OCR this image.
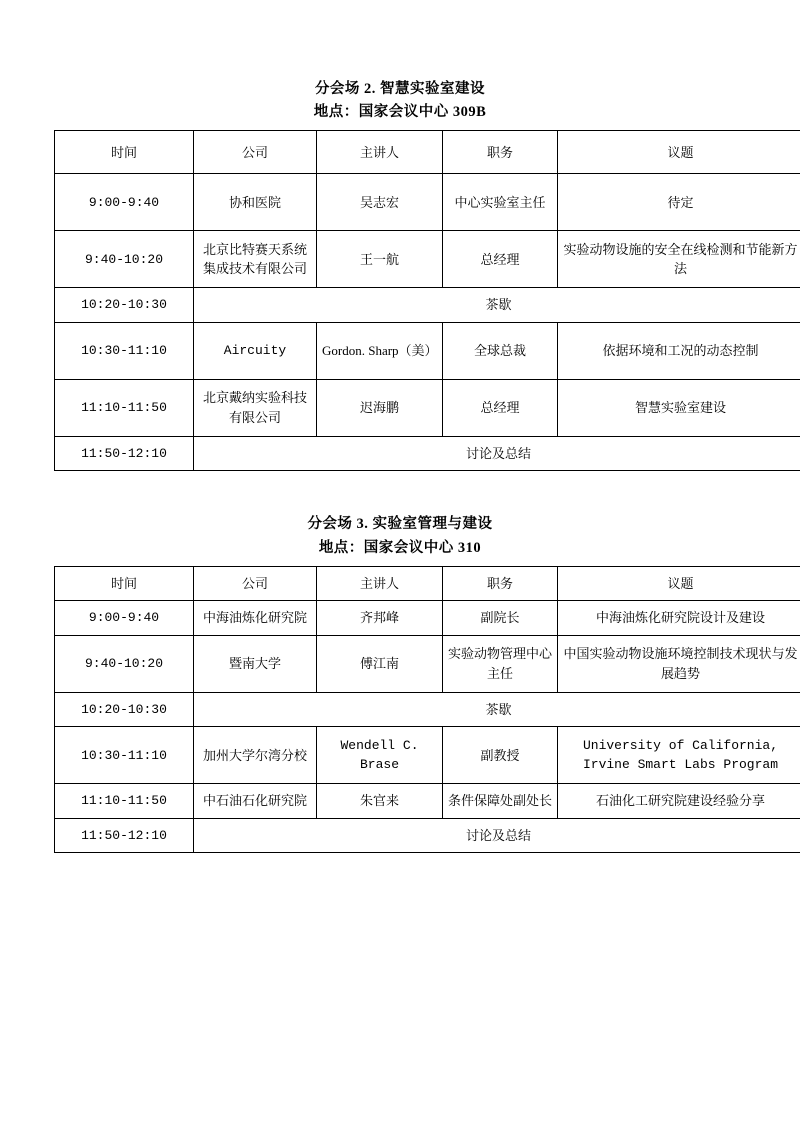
分会场 2. 智慧实验室建设
地点：国家会议中心 309B
时间	公司	主讲人	职务	议题
9:00-9:40	协和医院	吴志宏	中心实验室主任	待定
9:40-10:20	北京比特赛天系统集成技术有限公司	王一航	总经理	实验动物设施的安全在线检测和节能新方法
10:20-10:30	茶歇			
10:30-11:10	Aircuity	Gordon. Sharp（美）	全球总裁	依据环境和工况的动态控制
11:10-11:50	北京戴纳实验科技有限公司	迟海鹏	总经理	智慧实验室建设
11:50-12:10	讨论及总结			
分会场 3. 实验室管理与建设
地点：国家会议中心 310
时间	公司	主讲人	职务	议题
9:00-9:40	中海油炼化研究院	齐邦峰	副院长	中海油炼化研究院设计及建设
9:40-10:20	暨南大学	傅江南	实验动物管理中心主任	中国实验动物设施环境控制技术现状与发展趋势
10:20-10:30	茶歇			
10:30-11:10	加州大学尔湾分校	Wendell C. Brase	副教授	University of California, Irvine Smart Labs Program
11:10-11:50	中石油石化研究院	朱官来	条件保障处副处长	石油化工研究院建设经验分享
11:50-12:10	讨论及总结			
